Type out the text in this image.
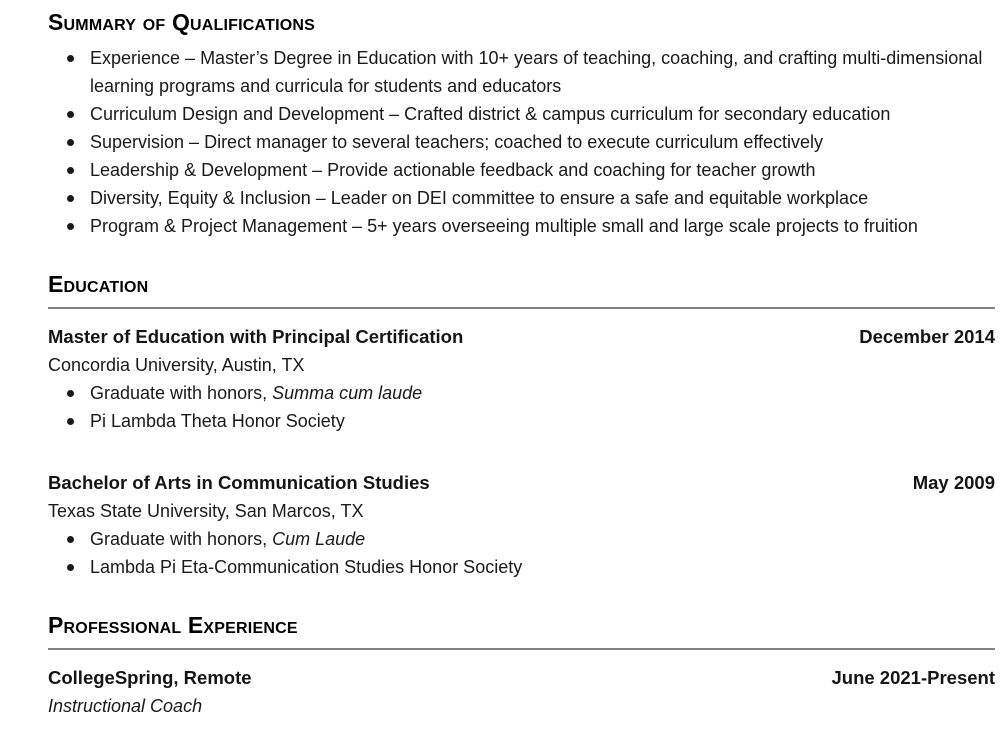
Summary of Qualifications
Experience – Master’s Degree in Education with 10+ years of teaching, coaching, and crafting multi-dimensional learning programs and curricula for students and educators
Curriculum Design and Development – Crafted district & campus curriculum for secondary education
Supervision – Direct manager to several teachers; coached to execute curriculum effectively
Leadership & Development – Provide actionable feedback and coaching for teacher growth
Diversity, Equity & Inclusion – Leader on DEI committee to ensure a safe and equitable workplace
Program & Project Management – 5+ years overseeing multiple small and large scale projects to fruition
Education
Master of Education with Principal Certification	December 2014
Concordia University, Austin, TX
Graduate with honors, Summa cum laude
Pi Lambda Theta Honor Society
Bachelor of Arts in Communication Studies	May 2009
Texas State University, San Marcos, TX
Graduate with honors, Cum Laude
Lambda Pi Eta-Communication Studies Honor Society
Professional Experience
CollegeSpring, Remote	June 2021-Present
Instructional Coach
